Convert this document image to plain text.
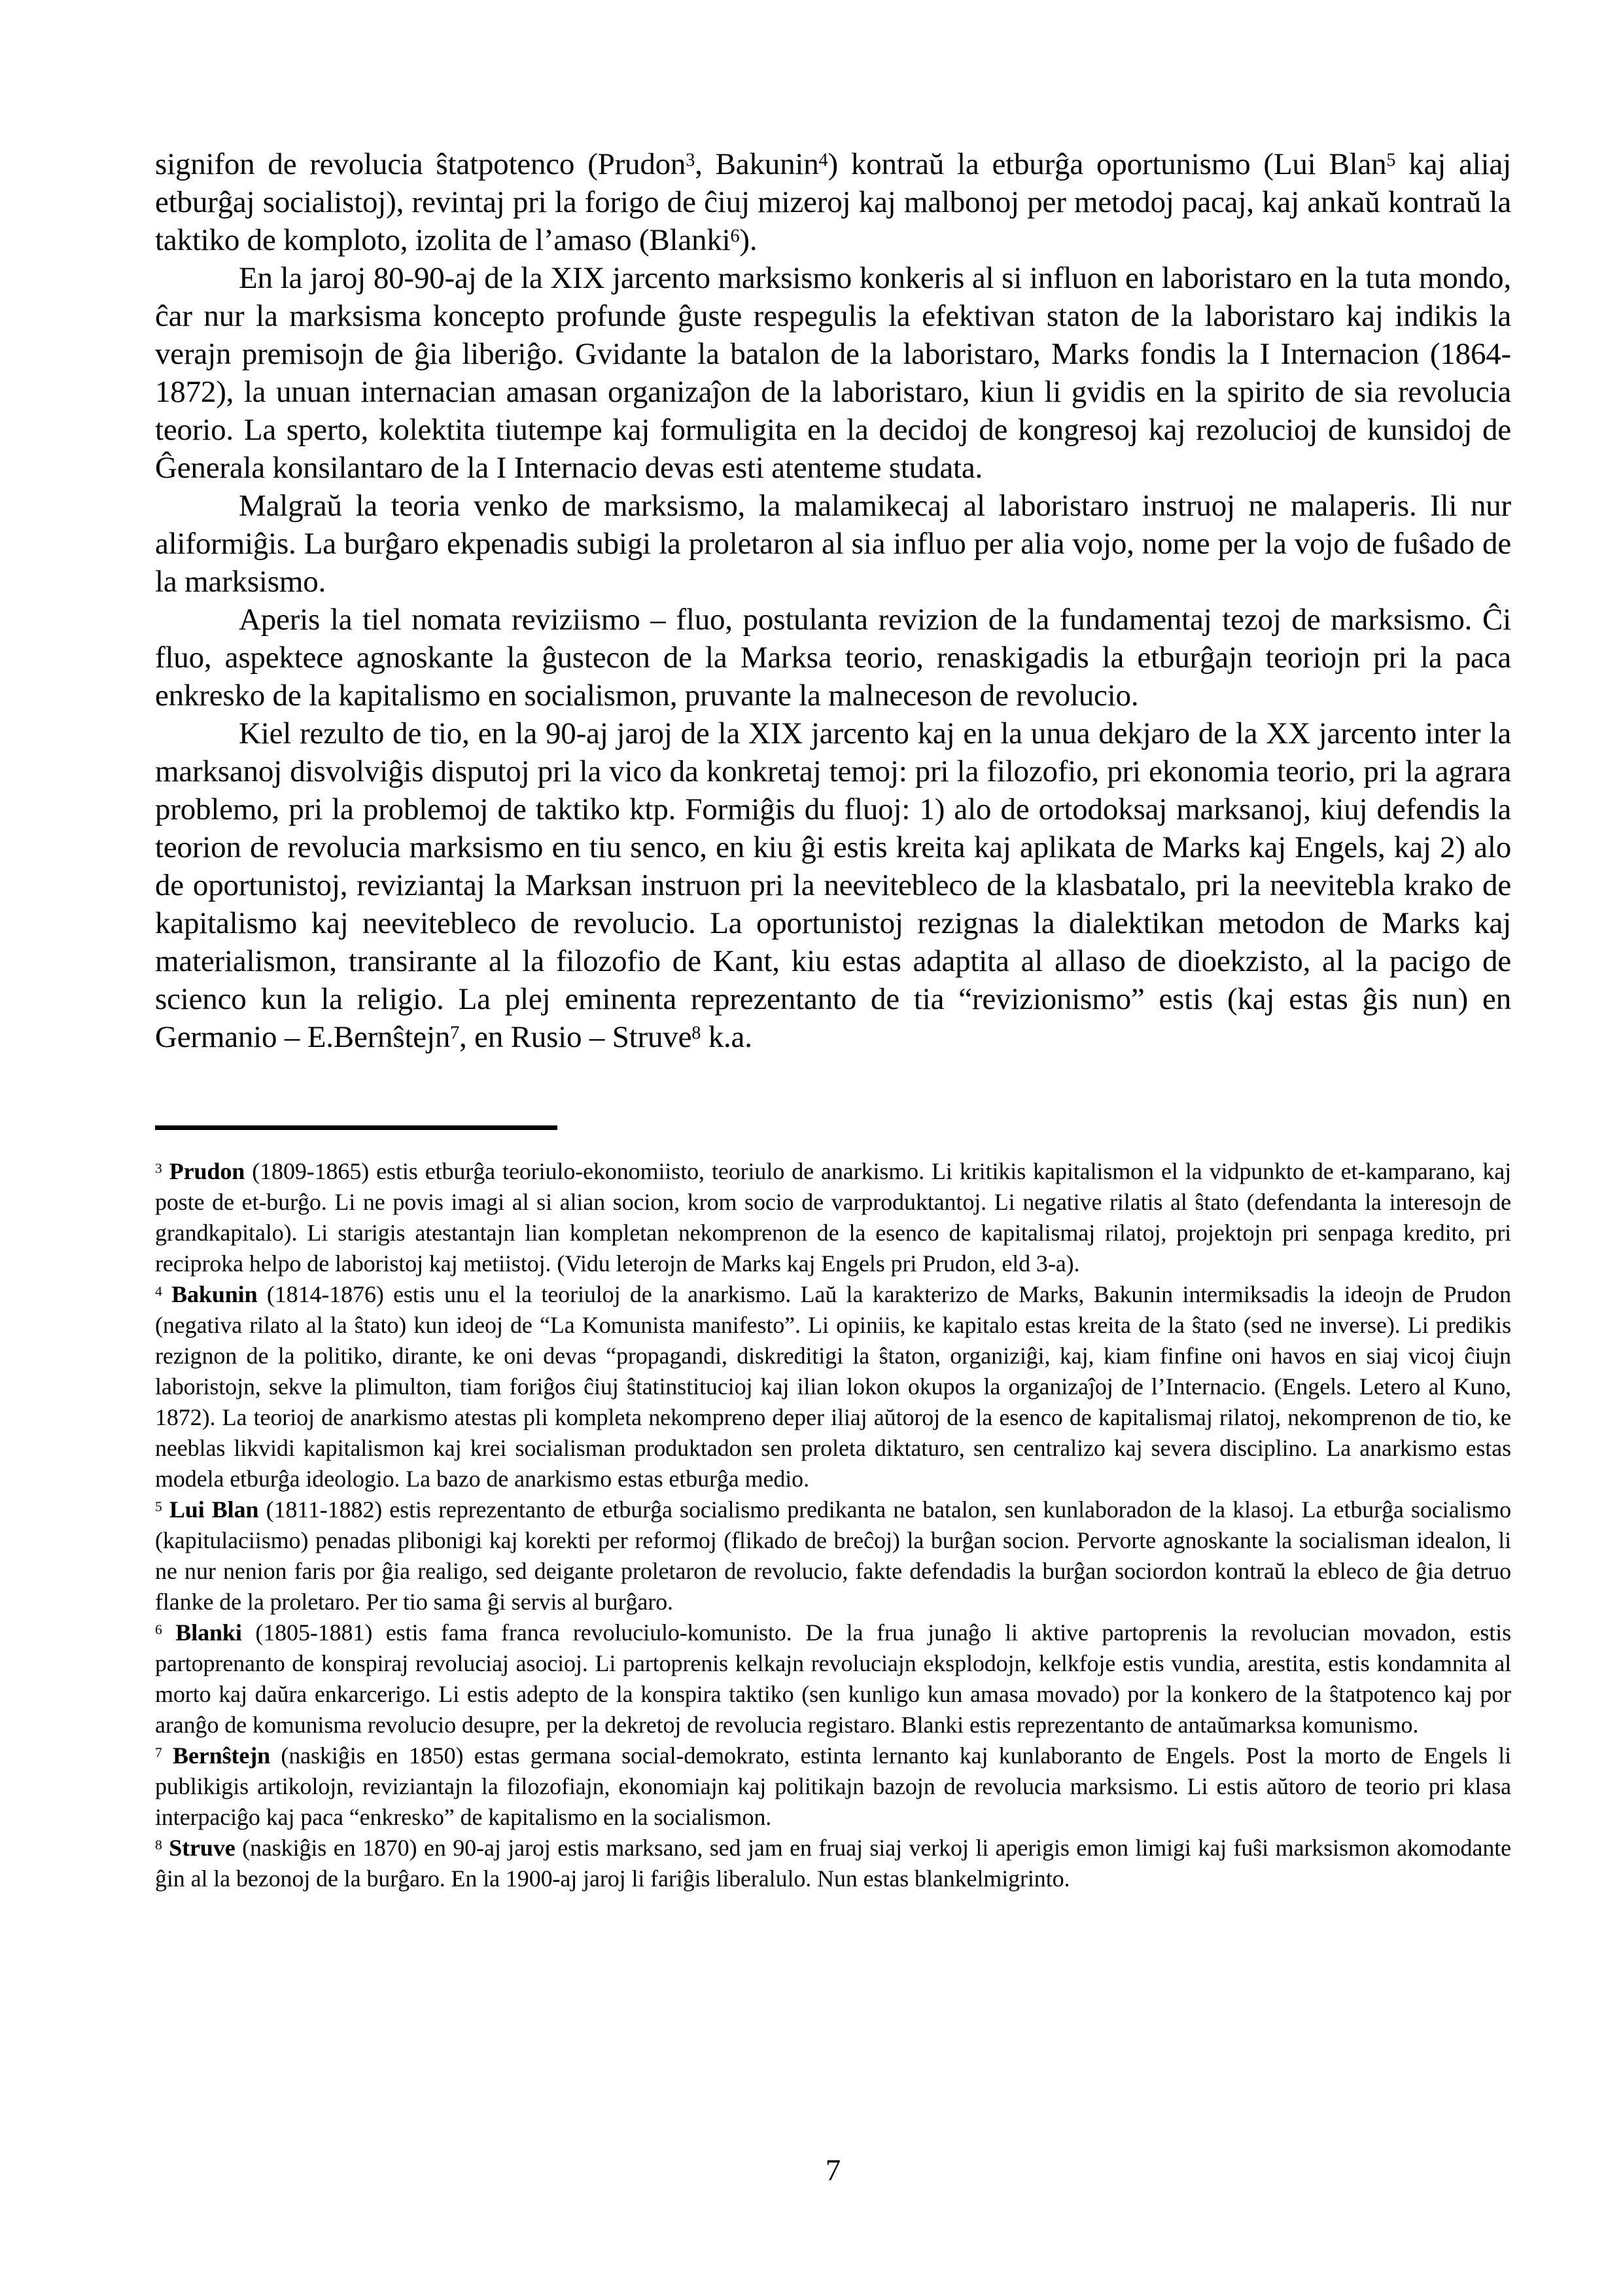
signifon de revolucia ŝtatpotenco (Prudon$^3$, Bakunin$^4$) kontraŭ la etburĝa oportunismo (Lui Blan$^5$ kaj aliaj etburĝaj socialistoj), revintaj pri la forigo de ĉiuj mizeroj kaj malbonoj per metodoj pacaj, kaj ankaŭ kontraŭ la taktiko de komploto, izolita de l’amaso (Blanki$^6$).

En la jaroj 80-90-aj de la XIX jarcento marksismo konkeris al si influon en laboristaro en la tuta mondo, ĉar nur la marksisma koncepto profunde ĝuste respegulis la efektivan staton de la laboristaro kaj indikis la verajn premisojn de ĝia liberiĝo. Gvidante la batalon de la laboristaro, Marks fondis la I Internacion (1864-1872), la unuan internacian amasan organizaĵon de la laboristaro, kiun li gvidis en la spirito de sia revolucia teorio. La sperto, kolektita tiutempe kaj formuligita en la decidoj de kongresoj kaj rezolucioj de kunsidoj de Ĝenerala konsilantaro de la I Internacio devas esti atenteme studata.

Malgraŭ la teoria venko de marksismo, la malamikecaj al laboristaro instruoj ne malaperis. Ili nur aliformiĝis. La burĝaro ekpenadis subigi la proletaron al sia influo per alia vojo, nome per la vojo de fuŝado de la marksismo.

Aperis la tiel nomata reviziismo – fluo, postulanta revizion de la fundamentaj tezoj de marksismo. Ĉi fluo, aspektece agnoskante la ĝustecon de la Marksa teorio, renaskigadis la etburĝajn teoriojn pri la paca enkresko de la kapitalismo en socialismon, pruvante la malneceson de revolucio.

Kiel rezulto de tio, en la 90-aj jaroj de la XIX jarcento kaj en la unua dekjaro de la XX jarcento inter la marksanoj disvolviĝis disputoj pri la vico da konkretaj temoj: pri la filozofio, pri ekonomia teorio, pri la agrara problemo, pri la problemoj de taktiko ktp. Formiĝis du fluoj: 1) alo de ortodoksaj marksanoj, kiuj defendis la teorion de revolucia marksismo en tiu senco, en kiu ĝi estis kreita kaj aplikata de Marks kaj Engels, kaj 2) alo de oportunistoj, reviziantaj la Marksan instruon pri la neevitebleco de la klasbatalo, pri la neevitebla krako de kapitalismo kaj neevitebleco de revolucio. La oportunistoj rezignas la dialektikan metodon de Marks kaj materialismon, transirante al la filozofio de Kant, kiu estas adaptita al allaso de dioekzisto, al la pacigo de scienco kun la religio. La plej eminenta reprezentanto de tia “revizionismo” estis (kaj estas ĝis nun) en Germanio – E.Bernŝtejn$^7$, en Rusio – Struve$^8$ k.a.

$^3$ Prudon (1809-1865) estis etburĝa teoriulo-ekonomiisto, teoriulo de anarkismo. Li kritikis kapitalismon el la vidpunkto de et-kamparano, kaj poste de et-burĝo. Li ne povis imagi al si alian socion, krom socio de varproduktantoj. Li negative rilatis al ŝtato (defendanta la interesojn de grandkapitalo). Li starigis atestantajn lian kompletan nekomprenon de la esenco de kapitalismaj rilatoj, projektojn pri senpaga kredito, pri reciproka helpo de laboristoj kaj metiistoj. (Vidu leterojn de Marks kaj Engels pri Prudon, eld 3-a).

$^4$ Bakunin (1814-1876) estis unu el la teoriuloj de la anarkismo. Laŭ la karakterizo de Marks, Bakunin intermiksadis la ideojn de Prudon (negativa rilato al la ŝtato) kun ideoj de “La Komunista manifesto”. Li opiniis, ke kapitalo estas kreita de la ŝtato (sed ne inverse). Li predikis rezignon de la politiko, dirante, ke oni devas “propagandi, diskreditigi la ŝtaton, organiziĝi, kaj, kiam finfine oni havos en siaj vicoj ĉiujn laboristojn, sekve la plimulton, tiam foriĝos ĉiuj ŝtatinstitucioj kaj ilian lokon okupos la organizaĵoj de l’Internacio. (Engels. Letero al Kuno, 1872). La teorioj de anarkismo atestas pli kompleta nekompreno deper iliaj aŭtoroj de la esenco de kapitalismaj rilatoj, nekomprenon de tio, ke neeblas likvidi kapitalismon kaj krei socialisman produktadon sen proleta diktaturo, sen centralizo kaj severa disciplino. La anarkismo estas modela etburĝa ideologio. La bazo de anarkismo estas etburĝa medio.

$^5$ Lui Blan (1811-1882) estis reprezentanto de etburĝa socialismo predikanta ne batalon, sen kunlaboradon de la klasoj. La etburĝa socialismo (kapitulaciismo) penadas plibonigi kaj korekti per reformoj (flikado de breĉoj) la burĝan socion. Pervorte agnoskante la socialisman idealon, li ne nur nenion faris por ĝia realigo, sed deigante proletaron de revolucio, fakte defendadis la burĝan sociordon kontraŭ la ebleco de ĝia detruo flanke de la proletaro. Per tio sama ĝi servis al burĝaro.

$^6$ Blanki (1805-1881) estis fama franca revoluciulo-komunisto. De la frua junaĝo li aktive partoprenis la revolucian movadon, estis partoprenanto de konspiraj revoluciaj asocioj. Li partoprenis kelkajn revoluciajn eksplodojn, kelkfoje estis vundia, arestita, estis kondamnita al morto kaj daŭra enkarcerigo. Li estis adepto de la konspira taktiko (sen kunligo kun amasa movado) por la konkero de la ŝtatpotenco kaj por aranĝo de komunisma revolucio desupre, per la dekretoj de revolucia registaro. Blanki estis reprezentanto de antaŭmarksa komunismo.

$^7$ Bernŝtejn (naskiĝis en 1850) estas germana social-demokrato, estinta lernanto kaj kunlaboranto de Engels. Post la morto de Engels li publikigis artikolojn, reviziantajn la filozofiajn, ekonomiajn kaj politikajn bazojn de revolucia marksismo. Li estis aŭtoro de teorio pri klasa interpaciĝo kaj paca “enkresko” de kapitalismo en la socialismon.

$^8$ Struve (naskiĝis en 1870) en 90-aj jaroj estis marksano, sed jam en fruaj siaj verkoj li aperigis emon limigi kaj fuŝi marksismon akomodante ĝin al la bezonoj de la burĝaro. En la 1900-aj jaroj li fariĝis liberalulo. Nun estas blankelmigrinto.

7
